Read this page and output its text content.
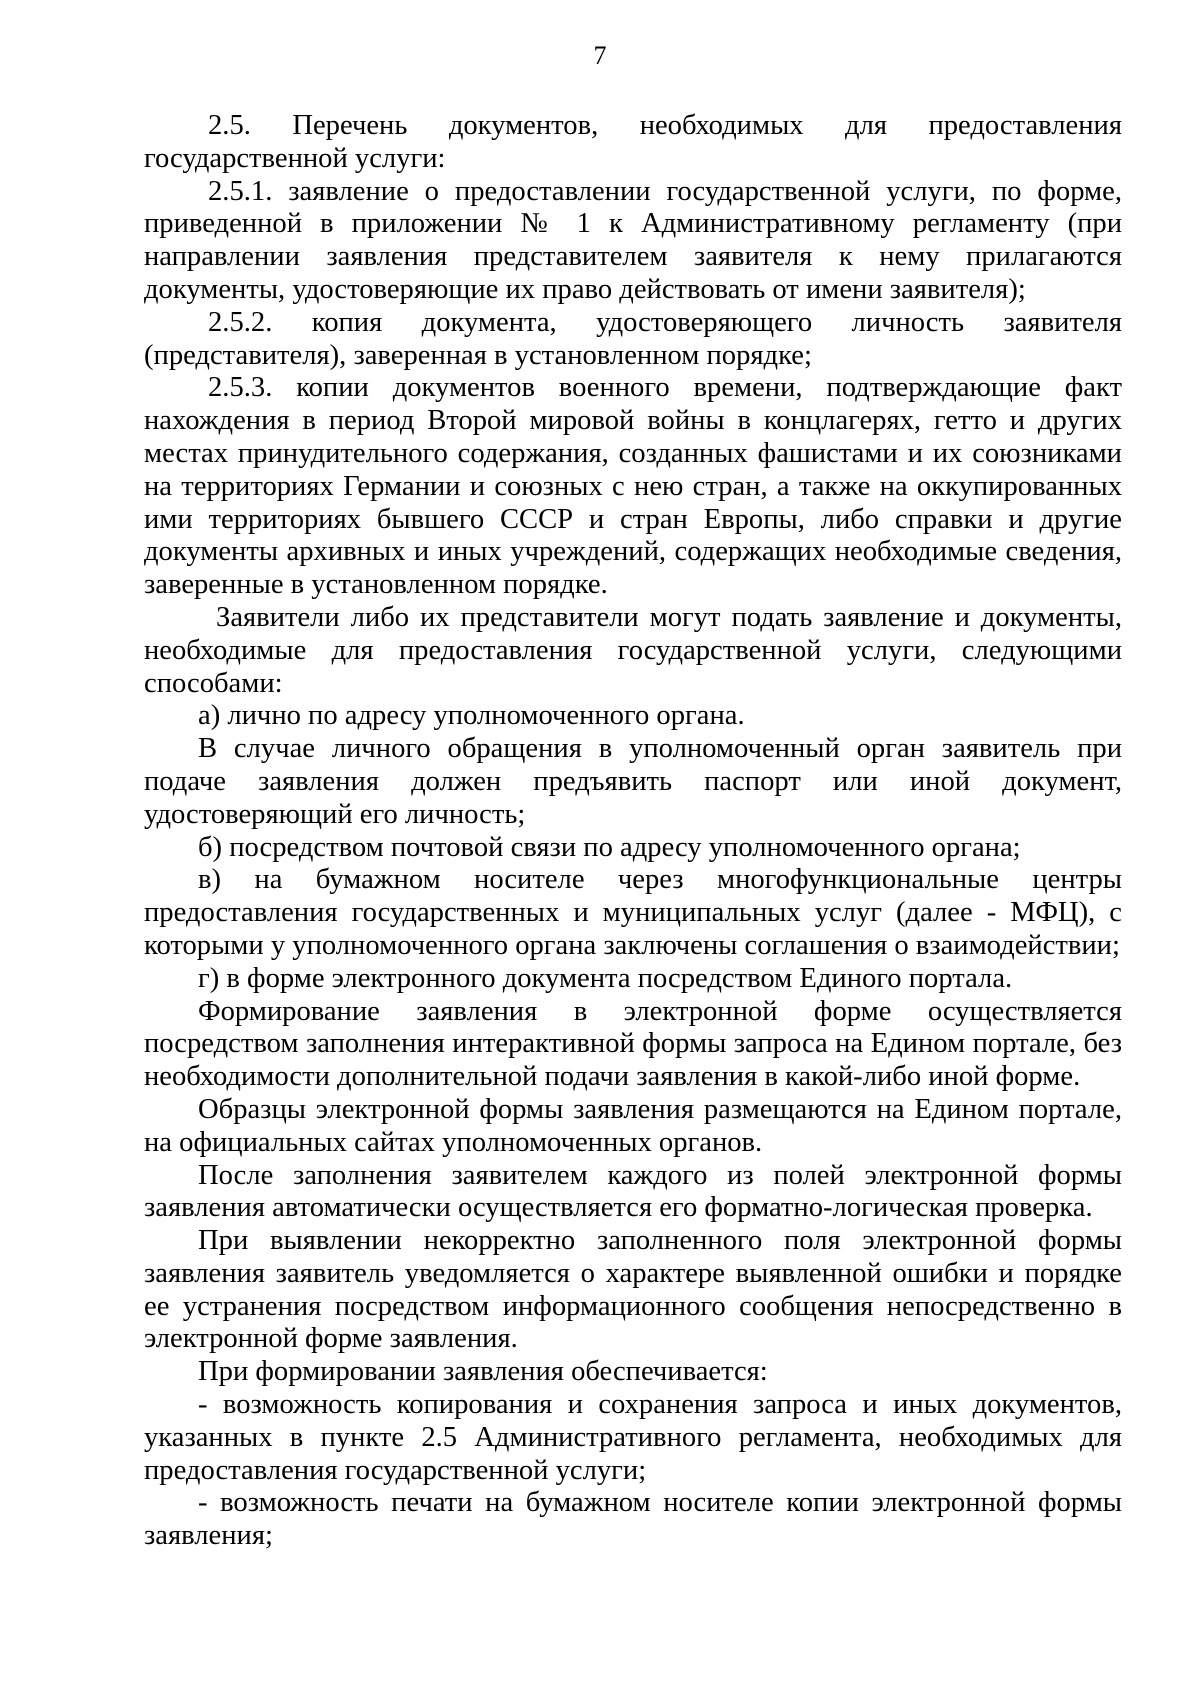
7

2.5. Перечень документов, необходимых для предоставления государственной услуги:

2.5.1. заявление о предоставлении государственной услуги, по форме, приведенной в приложении № 1 к Административному регламенту (при направлении заявления представителем заявителя к нему прилагаются документы, удостоверяющие их право действовать от имени заявителя);

2.5.2. копия документа, удостоверяющего личность заявителя (представителя), заверенная в установленном порядке;

2.5.3. копии документов военного времени, подтверждающие факт нахождения в период Второй мировой войны в концлагерях, гетто и других местах принудительного содержания, созданных фашистами и их союзниками на территориях Германии и союзных с нею стран, а также на оккупированных ими территориях бывшего СССР и стран Европы, либо справки и другие документы архивных и иных учреждений, содержащих необходимые сведения, заверенные в установленном порядке.

Заявители либо их представители могут подать заявление и документы, необходимые для предоставления государственной услуги, следующими способами:

а) лично по адресу уполномоченного органа.

В случае личного обращения в уполномоченный орган заявитель при подаче заявления должен предъявить паспорт или иной документ, удостоверяющий его личность;

б) посредством почтовой связи по адресу уполномоченного органа;

в) на бумажном носителе через многофункциональные центры предоставления государственных и муниципальных услуг (далее - МФЦ), с которыми у уполномоченного органа заключены соглашения о взаимодействии;

г) в форме электронного документа посредством Единого портала.

Формирование заявления в электронной форме осуществляется посредством заполнения интерактивной формы запроса на Едином портале, без необходимости дополнительной подачи заявления в какой-либо иной форме.

Образцы электронной формы заявления размещаются на Едином портале, на официальных сайтах уполномоченных органов.

После заполнения заявителем каждого из полей электронной формы заявления автоматически осуществляется его форматно-логическая проверка.

При выявлении некорректно заполненного поля электронной формы заявления заявитель уведомляется о характере выявленной ошибки и порядке ее устранения посредством информационного сообщения непосредственно в электронной форме заявления.

При формировании заявления обеспечивается:

- возможность копирования и сохранения запроса и иных документов, указанных в пункте 2.5 Административного регламента, необходимых для предоставления государственной услуги;

- возможность печати на бумажном носителе копии электронной формы заявления;
